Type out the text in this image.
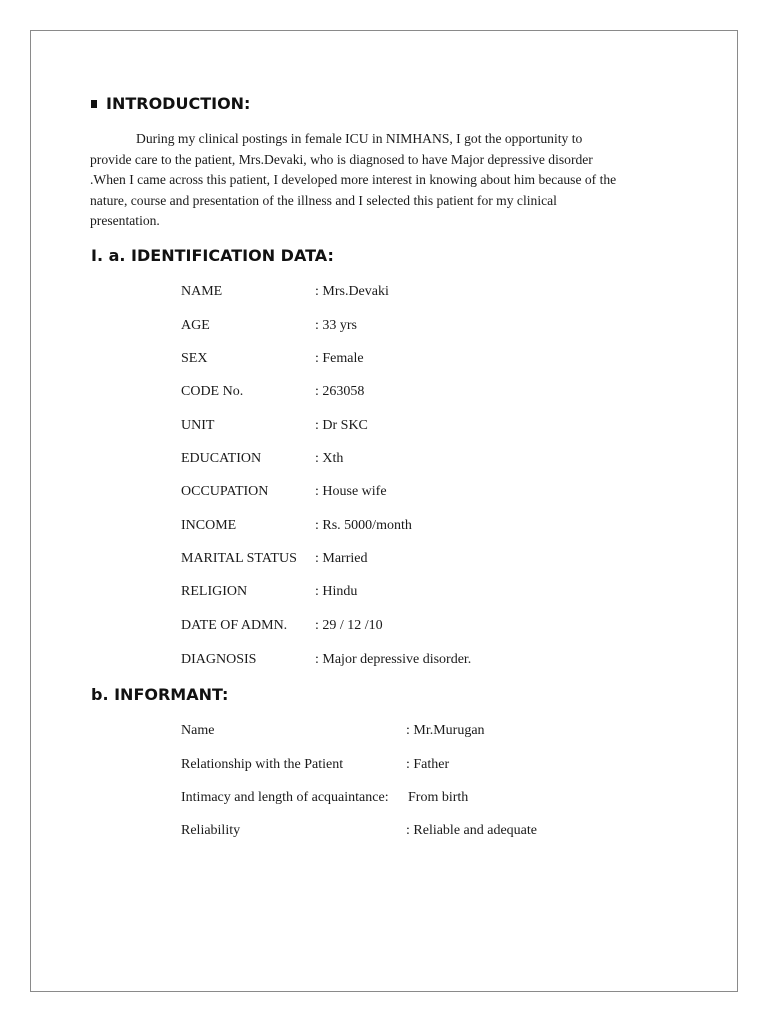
INTRODUCTION:

During my clinical postings in female ICU in NIMHANS, I got the opportunity to
provide care to the patient, Mrs.Devaki, who is diagnosed to have Major depressive disorder
.When I came across this patient, I developed more interest in knowing about him because of the
nature, course and presentation of the illness and I selected this patient for my clinical
presentation.

I. a. IDENTIFICATION DATA:
NAME	: Mrs.Devaki
AGE	: 33 yrs
SEX	: Female
CODE No.	: 263058
UNIT	: Dr SKC
EDUCATION	: Xth
OCCUPATION	: House wife
INCOME	: Rs. 5000/month
MARITAL STATUS : Married
RELIGION	: Hindu
DATE OF ADMN. : 29 / 12 /10
DIAGNOSIS	: Major depressive disorder.
b. INFORMANT:
Name	: Mr.Murugan
Relationship with the Patient	: Father
Intimacy and length of acquaintance: From birth
Reliability	: Reliable and adequate
